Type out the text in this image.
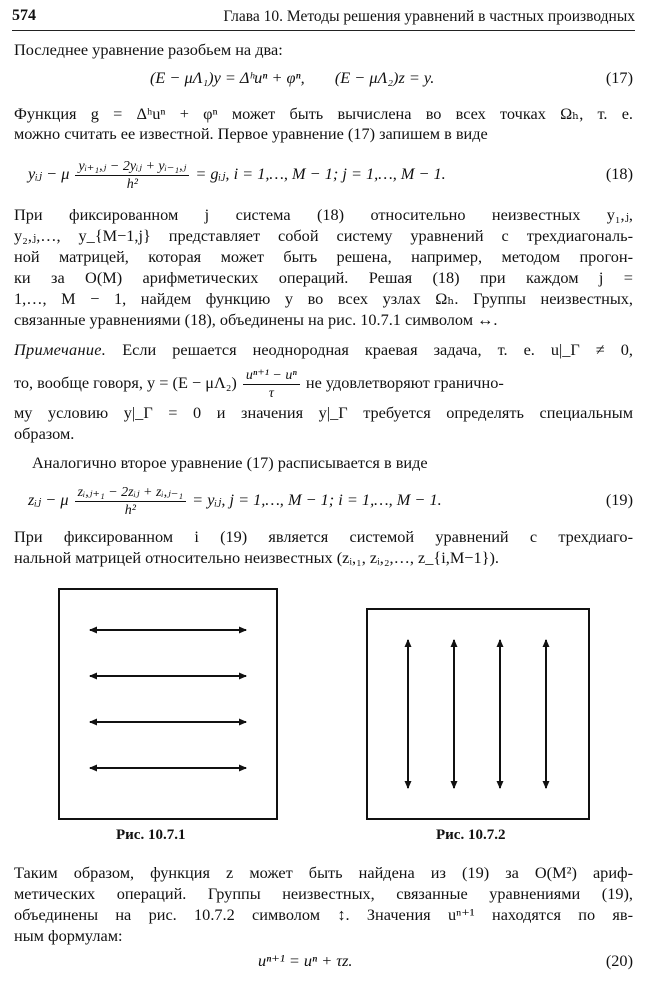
574	Глава 10. Методы решения уравнений в частных производных
Последнее уравнение разобьем на два:
(E − μΛ₁)y = Δʰuⁿ + φⁿ, (E − μΛ₂)z = y.	(17)
Функция g = Δʰuⁿ + φⁿ может быть вычислена во всех точках Ωₕ, т. е.
можно считать ее известной. Первое уравнение (17) запишем в виде
yᵢⱼ − μ $\frac{\text{yᵢ₊₁,ⱼ − 2yᵢⱼ + yᵢ₋₁,ⱼ}}{\text{h²}}$ = gᵢⱼ, i = 1,…, M − 1; j = 1,…, M − 1.	(18)
При фиксированном j система (18) относительно неизвестных y₁,ⱼ,
y₂,ⱼ,…, y_{M−1,j} представляет собой систему уравнений с трехдиагональ-
ной матрицей, которая может быть решена, например, методом прогон-
ки за O(M) арифметических операций. Решая (18) при каждом j =
1,…, M − 1, найдем функцию y во всех узлах Ωₕ. Группы неизвестных,
связанные уравнениями (18), объединены на рис. 10.7.1 символом ↔.
Примечание. Если решается неоднородная краевая задача, т. е. u|_Γ ≠ 0,
то, вообще говоря, $y = (E - \mu\Lambda_2) \frac{\text{uⁿ⁺¹ − uⁿ}}{\tau}$ не удовлетворяют гранично-
му условию y|_Γ = 0 и значения y|_Γ требуется определять специальным
образом.
Аналогично второе уравнение (17) расписывается в виде
zᵢⱼ − μ $\frac{\text{zᵢ,ⱼ₊₁ − 2zᵢⱼ + zᵢ,ⱼ₋₁}}{\text{h²}}$ = yᵢⱼ, j = 1,…, M − 1; i = 1,…, M − 1.	(19)
При фиксированном i (19) является системой уравнений с трехдиаго-
нальной матрицей относительно неизвестных (zᵢ,₁, zᵢ,₂,…, z_{i,M−1}).
Рис. 10.7.1	Рис. 10.7.2
Таким образом, функция z может быть найдена из (19) за O(M²) ариф-
метических операций. Группы неизвестных, связанные уравнениями (19),
объединены на рис. 10.7.2 символом ↕. Значения uⁿ⁺¹ находятся по яв-
ным формулам:
uⁿ⁺¹ = uⁿ + τz.	(20)
